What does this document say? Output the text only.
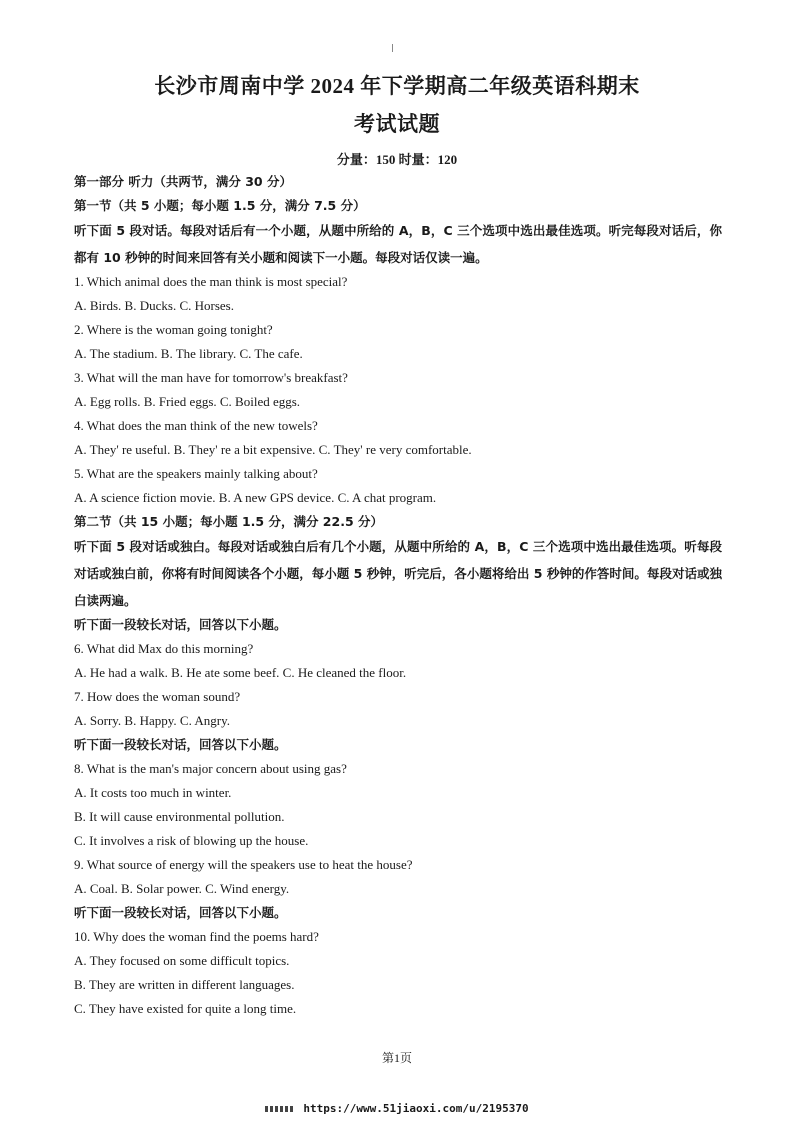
长沙市周南中学 2024 年下学期高二年级英语科期末
考试试题
分量：150 时量：120
第一部分 听力（共两节，满分 30 分）
第一节（共 5 小题；每小题 1.5 分，满分 7.5 分）
听下面 5 段对话。每段对话后有一个小题，从题中所给的 A，B，C 三个选项中选出最佳选项。听完每段对话后，你都有 10 秒钟的时间来回答有关小题和阅读下一小题。每段对话仅读一遍。
1. Which animal does the man think is most special?
A. Birds. B. Ducks. C. Horses.
2. Where is the woman going tonight?
A. The stadium. B. The library. C. The cafe.
3. What will the man have for tomorrow's breakfast?
A. Egg rolls. B. Fried eggs. C. Boiled eggs.
4. What does the man think of the new towels?
A. They' re useful. B. They' re a bit expensive. C. They' re very comfortable.
5. What are the speakers mainly talking about?
A. A science fiction movie. B. A new GPS device. C. A chat program.
第二节（共 15 小题；每小题 1.5 分，满分 22.5 分）
听下面 5 段对话或独白。每段对话或独白后有几个小题，从题中所给的 A，B，C 三个选项中选出最佳选项。听每段对话或独白前，你将有时间阅读各个小题，每小题 5 秒钟，听完后，各小题将给出 5 秒钟的作答时间。每段对话或独白读两遍。
听下面一段较长对话，回答以下小题。
6. What did Max do this morning?
A. He had a walk. B. He ate some beef. C. He cleaned the floor.
7. How does the woman sound?
A. Sorry. B. Happy. C. Angry.
听下面一段较长对话，回答以下小题。
8. What is the man's major concern about using gas?
A. It costs too much in winter.
B. It will cause environmental pollution.
C. It involves a risk of blowing up the house.
9. What source of energy will the speakers use to heat the house?
A. Coal. B. Solar power. C. Wind energy.
听下面一段较长对话，回答以下小题。
10. Why does the woman find the poems hard?
A. They focused on some difficult topics.
B. They are written in different languages.
C. They have existed for quite a long time.
第1页
https://www.51jiaoxi.com/u/2195370
